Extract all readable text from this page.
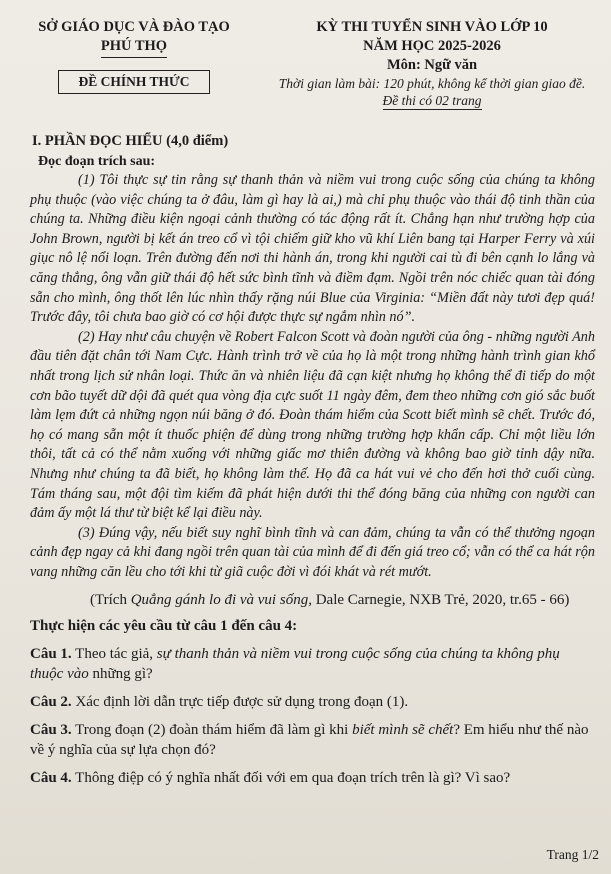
SỞ GIÁO DỤC VÀ ĐÀO TẠO
PHÚ THỌ
ĐỀ CHÍNH THỨC
KỲ THI TUYỂN SINH VÀO LỚP 10
NĂM HỌC 2025-2026
Môn: Ngữ văn
Thời gian làm bài: 120 phút, không kể thời gian giao đề.
Đề thi có 02 trang
I. PHẦN ĐỌC HIỂU (4,0 điểm)
Đọc đoạn trích sau:

(1) Tôi thực sự tin rằng sự thanh thản và niềm vui trong cuộc sống của chúng ta không phụ thuộc (vào việc chúng ta ở đâu, làm gì hay là ai,) mà chỉ phụ thuộc vào thái độ tinh thần của chúng ta. Những điều kiện ngoại cảnh thường có tác động rất ít. Chẳng hạn như trường hợp của John Brown, người bị kết án treo cổ vì tội chiếm giữ kho vũ khí Liên bang tại Harper Ferry và xúi giục nô lệ nổi loạn. Trên đường đến nơi thi hành án, trong khi người cai tù đi bên cạnh lo lắng và căng thẳng, ông vẫn giữ thái độ hết sức bình tĩnh và điềm đạm. Ngồi trên nóc chiếc quan tài đóng sẵn cho mình, ông thốt lên lúc nhìn thấy rặng núi Blue của Virginia: “Miền đất này tươi đẹp quá! Trước đây, tôi chưa bao giờ có cơ hội được thực sự ngắm nhìn nó”.

(2) Hay như câu chuyện về Robert Falcon Scott và đoàn người của ông - những người Anh đầu tiên đặt chân tới Nam Cực. Hành trình trở về của họ là một trong những hành trình gian khổ nhất trong lịch sử nhân loại. Thức ăn và nhiên liệu đã cạn kiệt nhưng họ không thể đi tiếp do một cơn bão tuyết dữ dội đã quét qua vòng địa cực suốt 11 ngày đêm, đem theo những cơn gió sắc buốt làm lẹm đứt cả những ngọn núi băng ở đó. Đoàn thám hiểm của Scott biết mình sẽ chết. Trước đó, họ có mang sẵn một ít thuốc phiện để dùng trong những trường hợp khẩn cấp. Chỉ một liều lớn thôi, tất cả có thể nằm xuống với những giấc mơ thiên đường và không bao giờ tỉnh dậy nữa. Nhưng như chúng ta đã biết, họ không làm thế. Họ đã ca hát vui vẻ cho đến hơi thở cuối cùng. Tám tháng sau, một đội tìm kiếm đã phát hiện dưới thi thể đóng băng của những con người can đảm ấy một lá thư từ biệt kể lại điều này.

(3) Đúng vậy, nếu biết suy nghĩ bình tĩnh và can đảm, chúng ta vẫn có thể thưởng ngoạn cảnh đẹp ngay cả khi đang ngồi trên quan tài của mình để đi đến giá treo cổ; vẫn có thể ca hát rộn vang những căn lều cho tới khi từ giã cuộc đời vì đói khát và rét mướt.

(Trích Quẳng gánh lo đi và vui sống, Dale Carnegie, NXB Trẻ, 2020, tr.65 - 66)
Thực hiện các yêu cầu từ câu 1 đến câu 4:
Câu 1. Theo tác giả, sự thanh thản và niềm vui trong cuộc sống của chúng ta không phụ thuộc vào những gì?
Câu 2. Xác định lời dẫn trực tiếp được sử dụng trong đoạn (1).
Câu 3. Trong đoạn (2) đoàn thám hiểm đã làm gì khi biết mình sẽ chết? Em hiểu như thế nào về ý nghĩa của sự lựa chọn đó?
Câu 4. Thông điệp có ý nghĩa nhất đối với em qua đoạn trích trên là gì? Vì sao?
Trang 1/2
